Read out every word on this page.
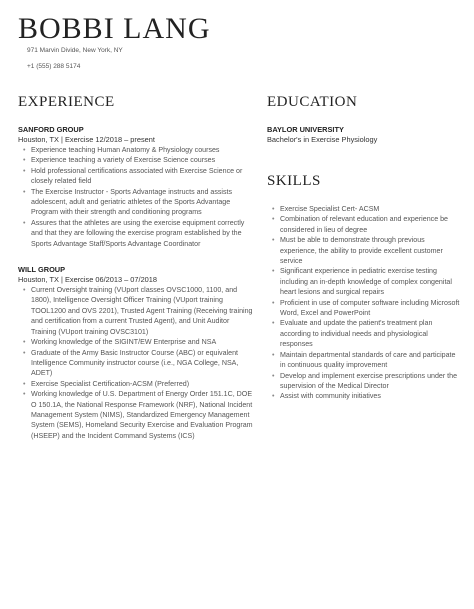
BOBBI LANG
971 Marvin Divide, New York, NY
+1 (555) 288 5174
EXPERIENCE
SANFORD GROUP
Houston, TX | Exercise 12/2018 – present
• Experience teaching Human Anatomy & Physiology courses
• Experience teaching a variety of Exercise Science courses
• Hold professional certifications associated with Exercise Science or closely related field
• The Exercise Instructor - Sports Advantage instructs and assists adolescent, adult and geriatric athletes of the Sports Advantage Program with their strength and conditioning programs
• Assures that the athletes are using the exercise equipment correctly and that they are following the exercise program established by the Sports Advantage Staff/Sports Advantage Coordinator
WILL GROUP
Houston, TX | Exercise 06/2013 – 07/2018
• Current Oversight training (VUport classes OVSC1000, 1100, and 1800), Intelligence Oversight Officer Training (VUport training TOOL1200 and OVS 2201), Trusted Agent Training (Receiving training and certification from a current Trusted Agent), and Unit Auditor Training (VUport training OVSC3101)
• Working knowledge of the SIGINT/EW Enterprise and NSA
• Graduate of the Army Basic Instructor Course (ABC) or equivalent Intelligence Community instructor course (i.e., NGA College, NSA, ADET)
• Exercise Specialist Certification-ACSM (Preferred)
• Working knowledge of U.S. Department of Energy Order 151.1C, DOE O 150.1A, the National Response Framework (NRF), National Incident Management System (NIMS), Standardized Emergency Management System (SEMS), Homeland Security Exercise and Evaluation Program (HSEEP) and the Incident Command Systems (ICS)
EDUCATION
BAYLOR UNIVERSITY
Bachelor's in Exercise Physiology
SKILLS
• Exercise Specialist Cert- ACSM
• Combination of relevant education and experience be considered in lieu of degree
• Must be able to demonstrate through previous experience, the ability to provide excellent customer service
• Significant experience in pediatric exercise testing including an in-depth knowledge of complex congenital heart lesions and surgical repairs
• Proficient in use of computer software including Microsoft Word, Excel and PowerPoint
• Evaluate and update the patient's treatment plan according to individual needs and physiological responses
• Maintain departmental standards of care and participate in continuous quality improvement
• Develop and implement exercise prescriptions under the supervision of the Medical Director
• Assist with community initiatives
